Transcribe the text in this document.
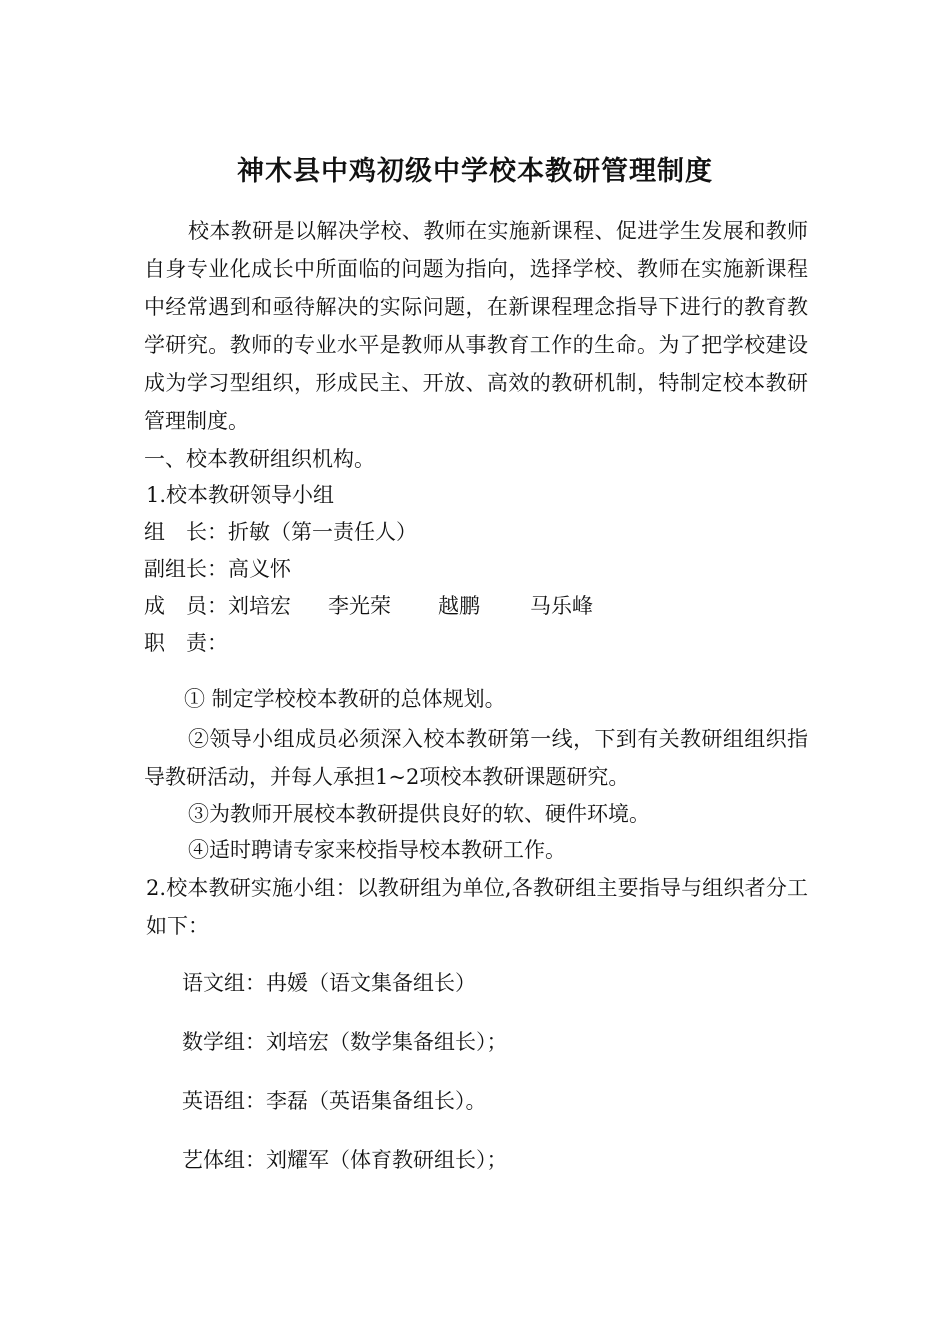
神木县中鸡初级中学校本教研管理制度

校本教研是以解决学校、教师在实施新课程、促进学生发展和教师自身专业化成长中所面临的问题为指向，选择学校、教师在实施新课程中经常遇到和亟待解决的实际问题，在新课程理念指导下进行的教育教学研究。教师的专业水平是教师从事教育工作的生命。为了把学校建设成为学习型组织，形成民主、开放、高效的教研机制，特制定校本教研管理制度。

一、校本教研组织机构。

1.校本教研领导小组

组　长：折敏（第一责任人）

副组长：高义怀

成　员：刘培宏 李光荣 越鹏 马乐峰

职　责：

① 制定学校校本教研的总体规划。

②领导小组成员必须深入校本教研第一线，下到有关教研组组织指导教研活动，并每人承担1~2项校本教研课题研究。

③为教师开展校本教研提供良好的软、硬件环境。

④适时聘请专家来校指导校本教研工作。

2.校本教研实施小组：以教研组为单位,各教研组主要指导与组织者分工如下：

语文组：冉媛（语文集备组长）

数学组：刘培宏（数学集备组长）；

英语组：李磊（英语集备组长）。

艺体组：刘耀军（体育教研组长）；
